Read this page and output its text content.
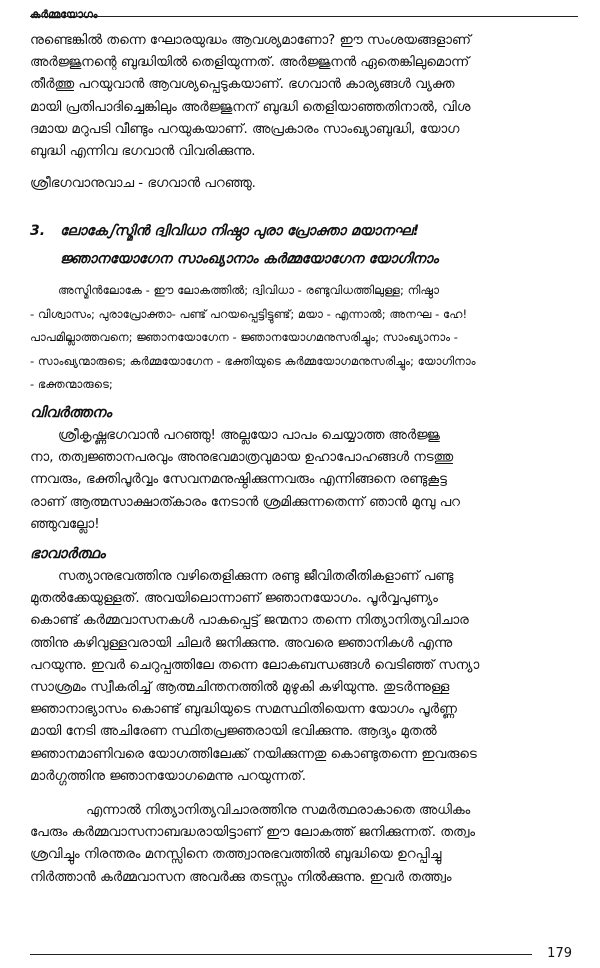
കർമ്മയോഗം

നുണ്ടെങ്കിൽ തന്നെ ഘോരയുദ്ധം ആവശ്യമാണോ? ഈ സംശയങ്ങളാണ്
അർജ്ജുനന്റെ ബുദ്ധിയിൽ തെളിയുന്നത്. അർജ്ജുനൻ ഏതെങ്കിലുമൊന്ന്
തീർത്തു പറയുവാൻ ആവശ്യപ്പെടുകയാണ്. ഭഗവാൻ കാര്യങ്ങൾ വ്യക്ത
മായി പ്രതിപാദിച്ചെങ്കിലും അർജ്ജുനന് ബുദ്ധി തെളിയാഞ്ഞതിനാൽ, വിശ
ദമായ മറുപടി വീണ്ടും പറയുകയാണ്. അപ്രകാരം സാംഖ്യാബുദ്ധി, യോഗ
ബുദ്ധി എന്നിവ ഭഗവാൻ വിവരിക്കുന്നു.

ശ്രീഭഗവാനുവാച - ഭഗവാൻ പറഞ്ഞു.

3. ലോകേഽസ്മിൻ ദ്വിവിധാ നിഷ്ഠാ പുരാ പ്രോക്താ മയാനഘ!
ജ്ഞാനയോഗേന സാംഖ്യാനാം കർമ്മയോഗേന യോഗിനാം

അസ്മിൻലോകേ - ഈ ലോകത്തിൽ; ദ്വിവിധാ - രണ്ടുവിധത്തിലുള്ള; നിഷ്ഠാ
- വിശ്വാസം; പുരാപ്രോക്താ- പണ്ട് പറയപ്പെട്ടിട്ടുണ്ട്; മയാ - എന്നാൽ; അനഘ - ഹേ!
പാപമില്ലാത്തവനെ; ജ്ഞാനയോഗേന - ജ്ഞാനയോഗമനുസരിച്ചും; സാംഖ്യാനാം -
- സാംഖ്യന്മാരുടെ; കർമ്മയോഗേന - ഭക്തിയുടെ കർമ്മയോഗമനുസരിച്ചും; യോഗിനാം
- ഭക്തന്മാരുടെ;

വിവർത്തനം

ശ്രീകൃഷ്ണഭഗവാൻ പറഞ്ഞു! അല്ലയോ പാപം ചെയ്യാത്ത അർജ്ജു
നാ, തത്വജ്ഞാനപരവും അനുഭവമാത്രവുമായ ഉഹാപോഹങ്ങൾ നടത്തു
ന്നവരും, ഭക്തിപൂർവ്വം സേവനമനുഷ്ഠിക്കുന്നവരും എന്നിങ്ങനെ രണ്ടുകൂട്ട
രാണ് ആത്മസാക്ഷാത്കാരം നേടാൻ ശ്രമിക്കുന്നതെന്ന് ഞാൻ മുമ്പു പറ
ഞ്ഞുവല്ലോ!

ഭാവാർത്ഥം

സത്യാനുഭവത്തിനു വഴിതെളിക്കുന്ന രണ്ടു ജീവിതരീതികളാണ് പണ്ടു
മുതൽക്കേയുള്ളത്. അവയിലൊന്നാണ് ജ്ഞാനയോഗം. പൂർവ്വപുണ്യം
കൊണ്ട് കർമ്മവാസനകൾ പാകപ്പെട്ട് ജന്മനാ തന്നെ നിത്യാനിത്യവിചാര
ത്തിനു കഴിവുള്ളവരായി ചിലർ ജനിക്കുന്നു. അവരെ ജ്ഞാനികൾ എന്നു
പറയുന്നു. ഇവർ ചെറുപ്പത്തിലേ തന്നെ ലോകബന്ധങ്ങൾ വെടിഞ്ഞ് സന്യാ
സാശ്രമം സ്വീകരിച്ച് ആത്മചിന്തനത്തിൽ മുഴുകി കഴിയുന്നു. തുടർന്നുള്ള
ജ്ഞാനാഭ്യാസം കൊണ്ട് ബുദ്ധിയുടെ സമസ്ഥിതിയെന്ന യോഗം പൂർണ്ണ
മായി നേടി അചിരേണ സ്ഥിതപ്രജ്ഞരായി ഭവിക്കുന്നു. ആദ്യം മുതൽ
ജ്ഞാനമാണിവരെ യോഗത്തിലേക്ക് നയിക്കുന്നതു കൊണ്ടുതന്നെ ഇവരുടെ
മാർഗ്ഗത്തിനു ജ്ഞാനയോഗമെന്നു പറയുന്നത്.

എന്നാൽ നിത്യാനിത്യവിചാരത്തിനു സമർത്ഥരാകാതെ അധികം
പേരും കർമ്മവാസനാബദ്ധരായിട്ടാണ് ഈ ലോകത്ത് ജനിക്കുന്നത്. തത്വം
ശ്രവിച്ചും നിരന്തരം മനസ്സിനെ തത്ത്വാനുഭവത്തിൽ ബുദ്ധിയെ ഉറപ്പിച്ചു
നിർത്താൻ കർമ്മവാസന അവർക്കു തടസ്സം നിൽക്കുന്നു. ഇവർ തത്ത്വം

179
